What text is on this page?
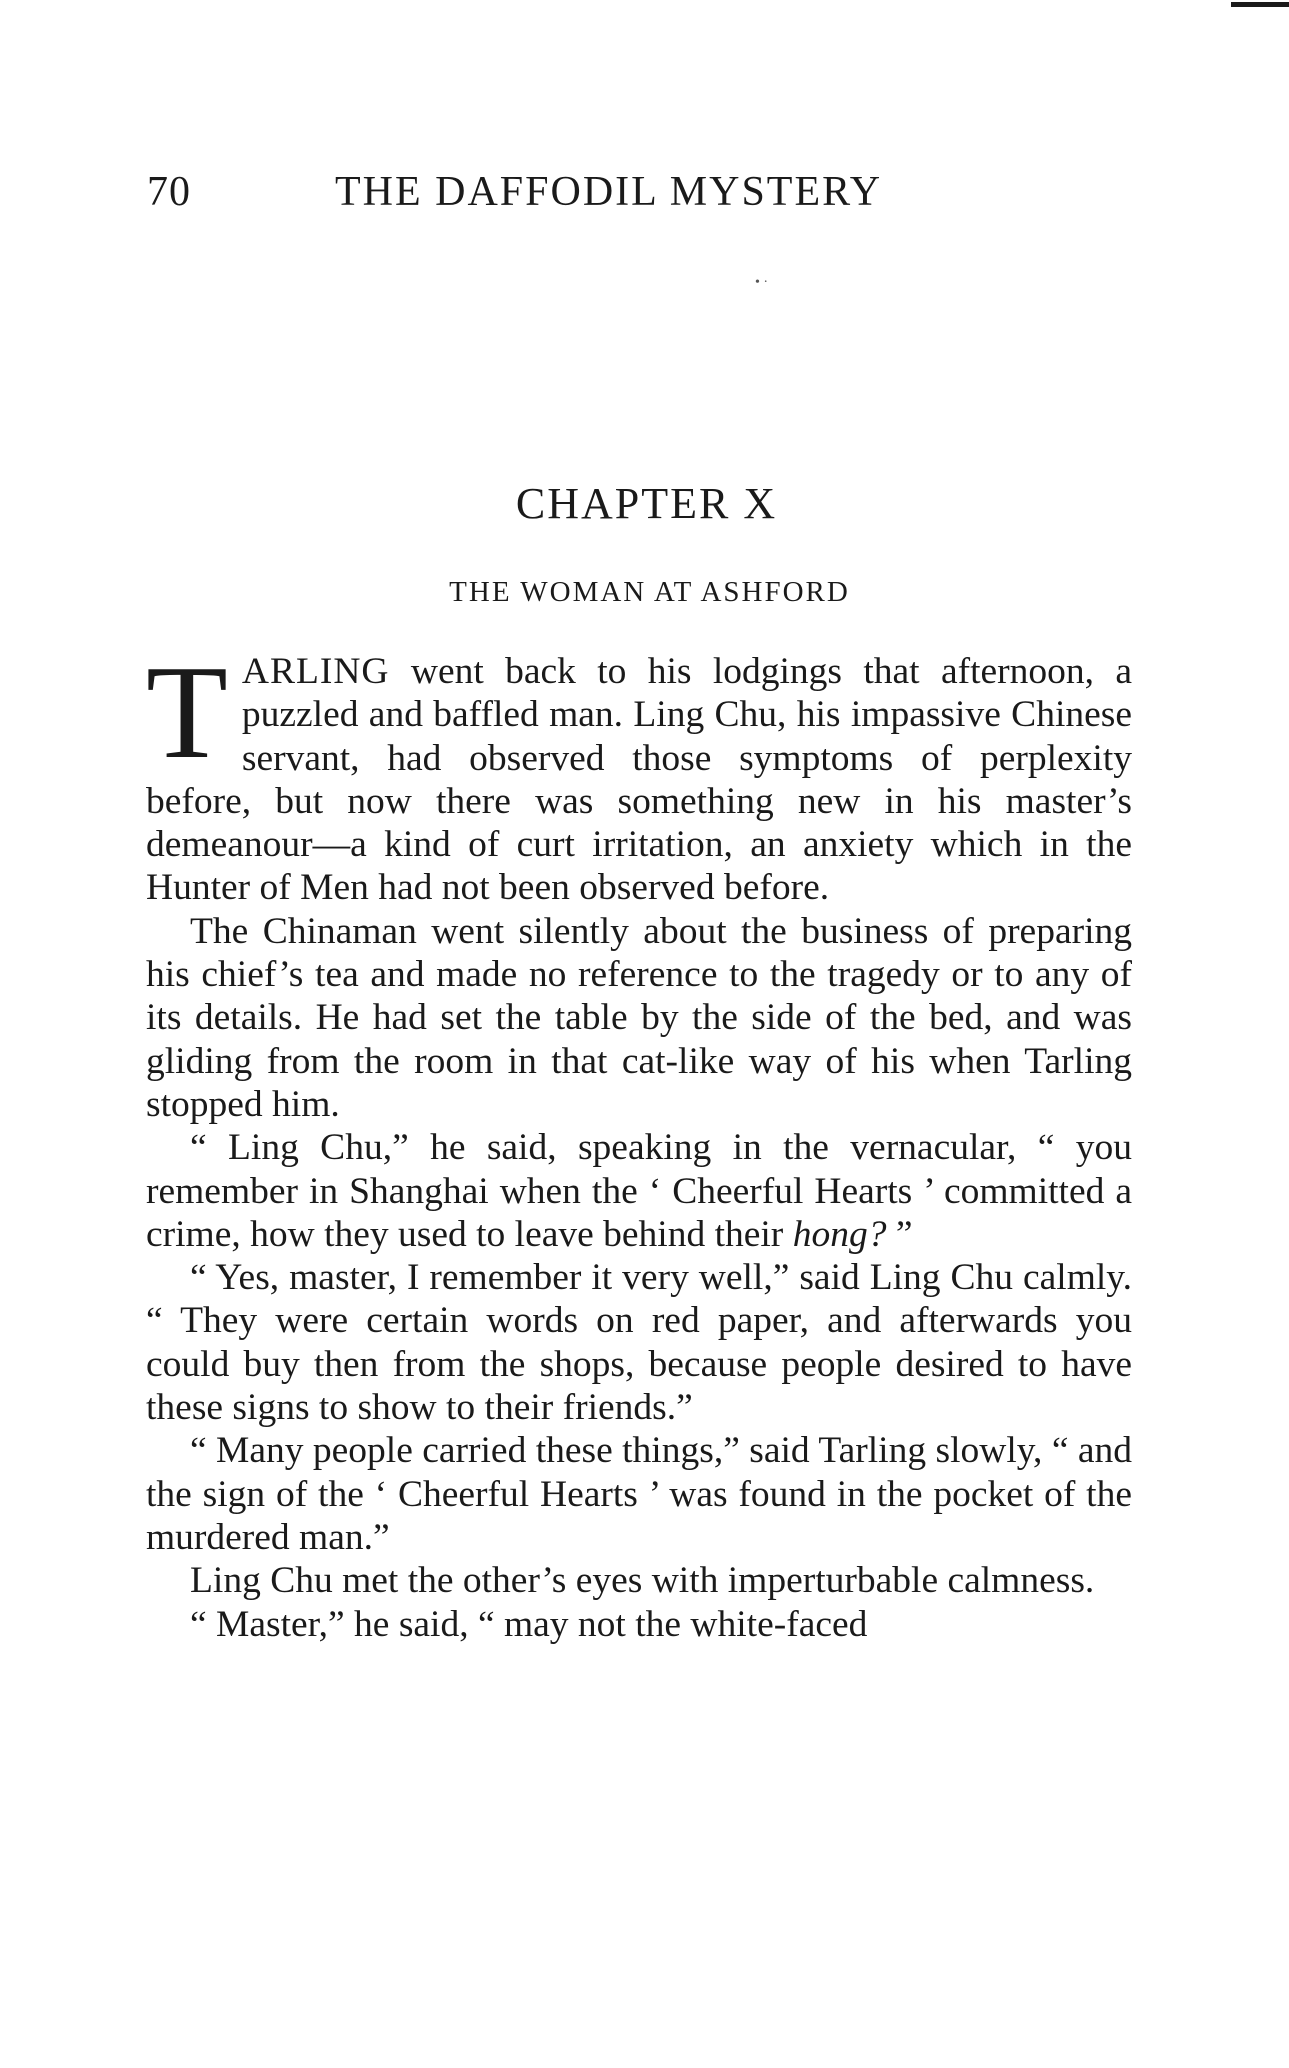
70	THE DAFFODIL MYSTERY
• ·
CHAPTER X
THE WOMAN AT ASHFORD

TARLING went back to his lodgings that afternoon, a puzzled and baffled man. Ling Chu, his impassive Chinese servant, had observed those symptoms of perplexity before, but now there was something new in his master’s demeanour—a kind of curt irritation, an anxiety which in the Hunter of Men had not been observed before.

The Chinaman went silently about the business of preparing his chief’s tea and made no reference to the tragedy or to any of its details. He had set the table by the side of the bed, and was gliding from the room in that cat-like way of his when Tarling stopped him.

“ Ling Chu,” he said, speaking in the vernacular, “ you remember in Shanghai when the ‘ Cheerful Hearts ’ committed a crime, how they used to leave behind their hong? ”

“ Yes, master, I remember it very well,” said Ling Chu calmly. “ They were certain words on red paper, and afterwards you could buy then from the shops, because people desired to have these signs to show to their friends.”

“ Many people carried these things,” said Tarling slowly, “ and the sign of the ‘ Cheerful Hearts ’ was found in the pocket of the murdered man.”

Ling Chu met the other’s eyes with imperturbable calmness.

“ Master,” he said, “ may not the white-faced
